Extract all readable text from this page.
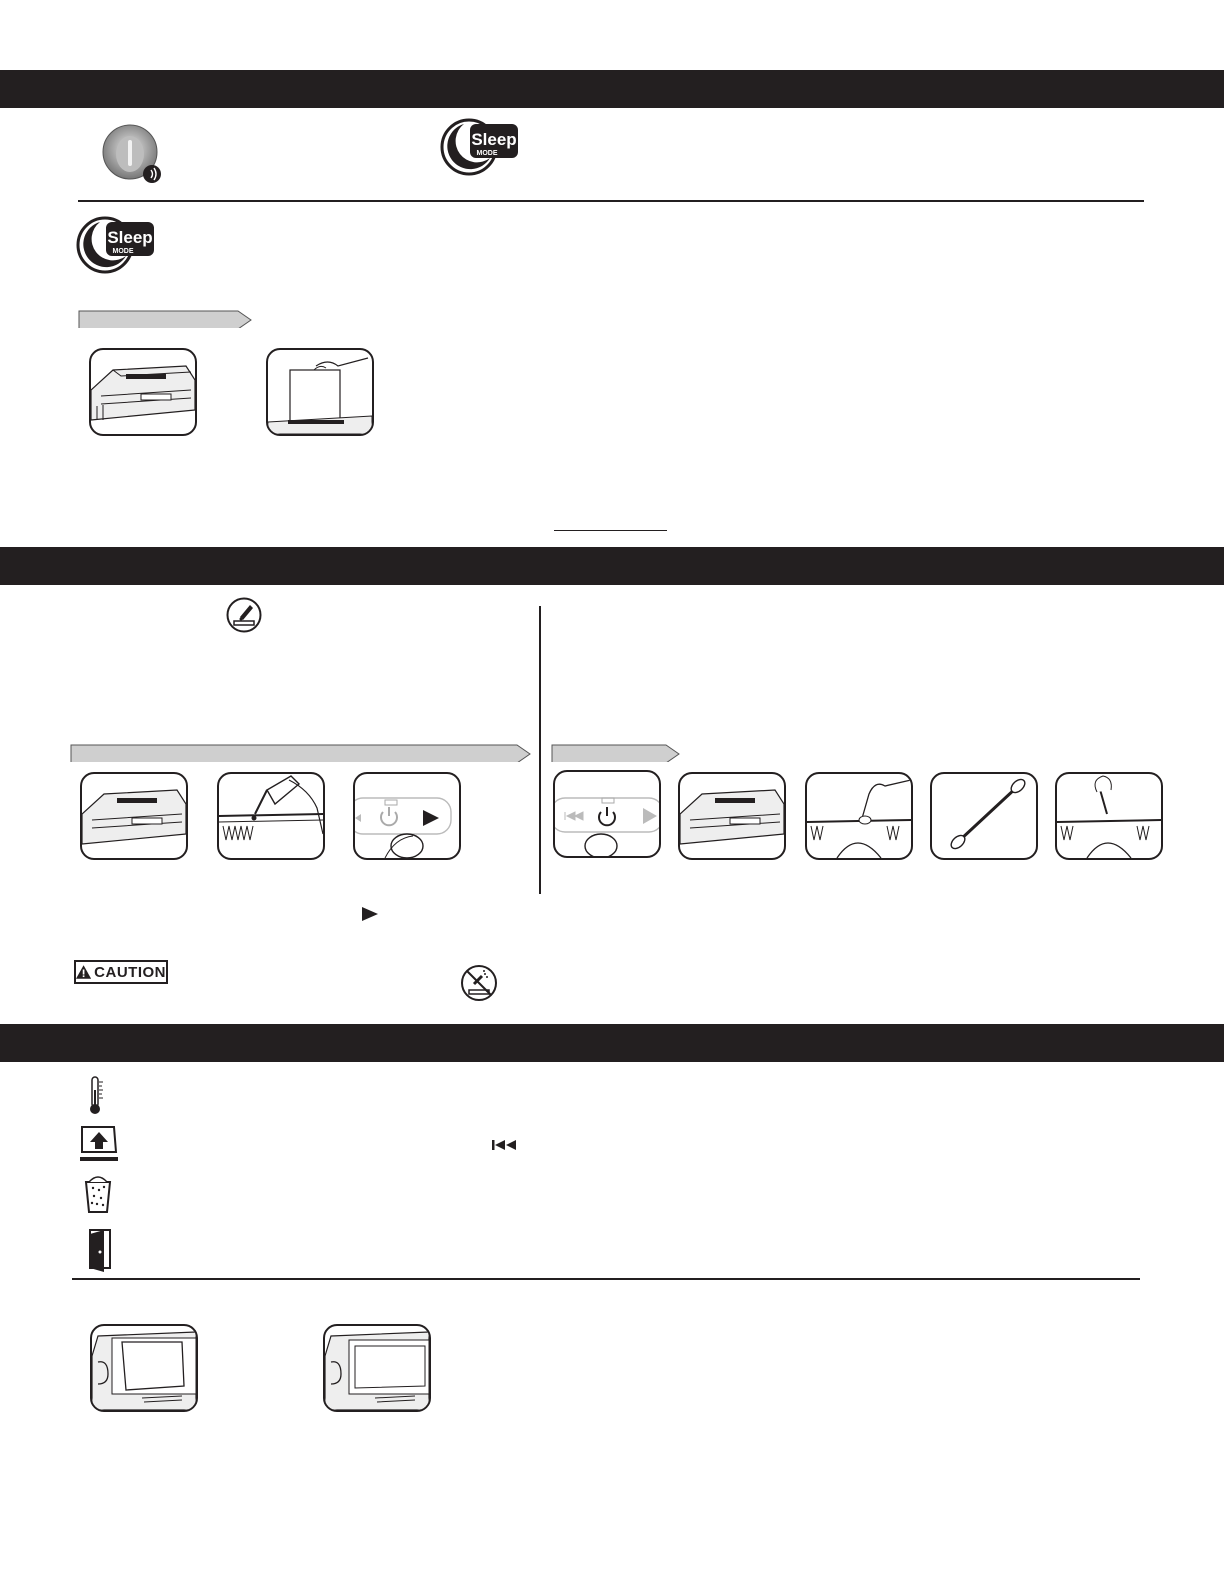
Sleep
MODE
Sleep
MODE
CAUTION
